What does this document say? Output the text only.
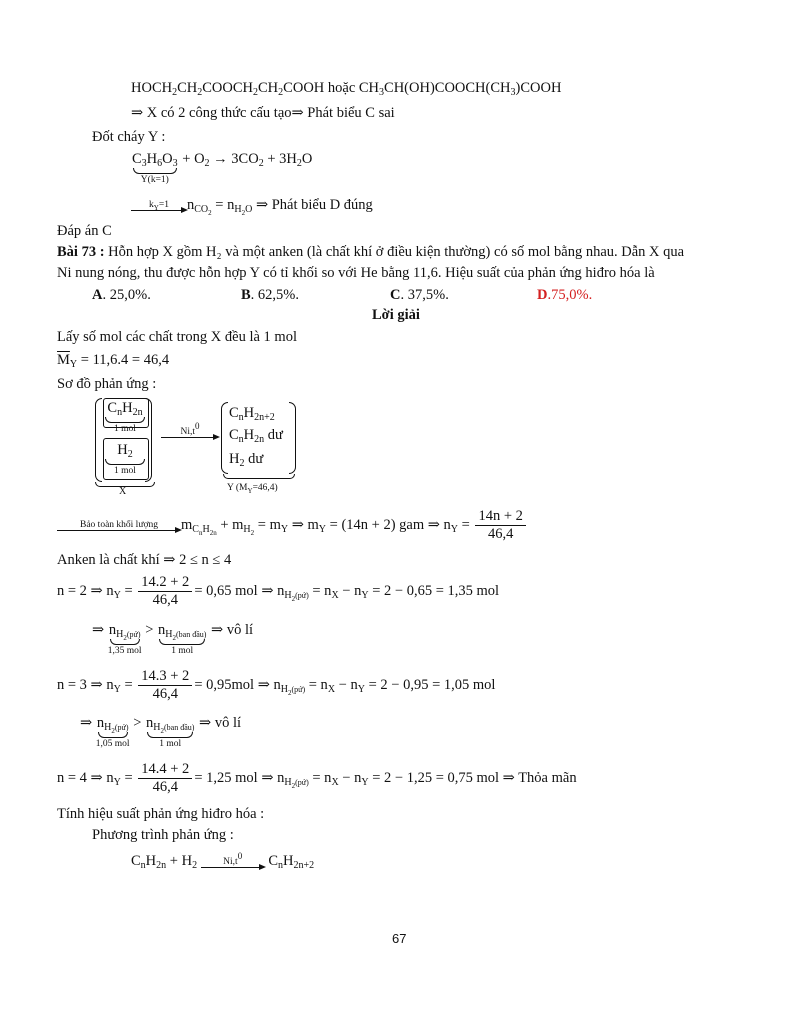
$HOCH_2CH_2COOCH_2CH_2COOH$ hoặc $CH_3CH(OH)COOCH(CH_3)COOH$
⇒ X có 2 công thức cấu tạo⇒ Phát biểu C sai
Đốt cháy Y :
$C_3H_6O_3$
Y(k=1)
+ $O_2 \to 3CO_2 + 3H_2O$
$k_Y=1$	$n_{CO_2} = n_{H_2O}$ ⇒ Phát biểu D đúng
Đáp án C
Bài 73 : Hỗn hợp X gồm H₂ và một anken (là chất khí ở điều kiện thường) có số mol bằng nhau. Dẫn X qua
Ni nung nóng, thu được hỗn hợp Y có tỉ khối so với He bằng 11,6. Hiệu suất của phản ứng hiđro hóa là
A. 25,0%.	B. 62,5%.	C. 37,5%.	D.75,0%.
Lời giải
Lấy số mol các chất trong X đều là 1 mol
$\overline{M}_Y = 11,6.4 = 46,4$
Sơ đồ phản ứng :
$C_nH_{2n}$
1 mol
$H_2$
1 mol
X
$Ni,t^0$
$C_nH_{2n+2}$
$C_nH_{2n}$ dư
$H_2$ dư
Y $(M_Y=46,4)$
Bảo toàn khối lượng	$m_{C_nH_{2n}} + m_{H_2} = m_Y$ ⇒ $m_Y = (14n + 2)$ gam ⇒ $n_Y = \frac{14n + 2}{46,4}$
Anken là chất khí ⇒ 2 ≤ n ≤ 4
n = 2 ⇒ $n_Y = \frac{14.2 + 2}{46,4} = 0,65$ mol ⇒ $n_{H_2(pứ)} = n_X - n_Y = 2 - 0,65 = 1,35$ mol
⇒ $n_{H_2(pứ)}$
1,35 mol
> $n_{H_2(ban đầu)}$
1 mol
⇒ vô lí
n = 3 ⇒ $n_Y = \frac{14.3 + 2}{46,4} = 0,95mol$ ⇒ $n_{H_2(pứ)} = n_X - n_Y = 2 - 0,95 = 1,05$ mol
⇒ $n_{H_2(pứ)}$
1,05 mol
> $n_{H_2(ban đầu)}$
1 mol
⇒ vô lí
n = 4 ⇒ $n_Y = \frac{14.4 + 2}{46,4} = 1,25$ mol ⇒ $n_{H_2(pứ)} = n_X - n_Y = 2 - 1,25 = 0,75$ mol ⇒ Thỏa mãn
Tính hiệu suất phản ứng hiđro hóa :
Phương trình phản ứng :
$C_nH_{2n} + H_2$	$Ni,t^0$	$C_nH_{2n+2}$
67
